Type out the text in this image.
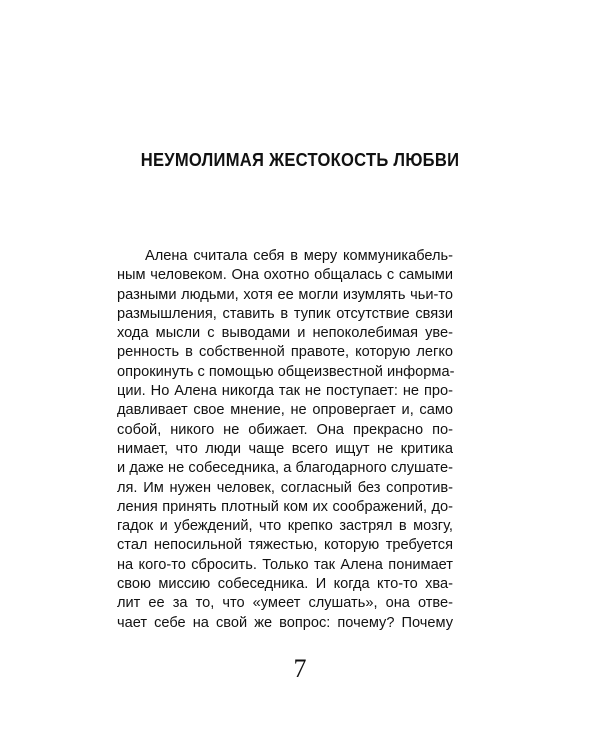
НЕУМОЛИМАЯ ЖЕСТОКОСТЬ ЛЮБВИ
Алена считала себя в меру коммуникабель-
ным человеком. Она охотно общалась с самыми
разными людьми, хотя ее могли изумлять чьи-то
размышления, ставить в тупик отсутствие связи
хода мысли с выводами и непоколебимая уве-
ренность в собственной правоте, которую легко
опрокинуть с помощью общеизвестной информа-
ции. Но Алена никогда так не поступает: не про-
давливает свое мнение, не опровергает и, само
собой, никого не обижает. Она прекрасно по-
нимает, что люди чаще всего ищут не критика
и даже не собеседника, а благодарного слушате-
ля. Им нужен человек, согласный без сопротив-
ления принять плотный ком их соображений, до-
гадок и убеждений, что крепко застрял в мозгу,
стал непосильной тяжестью, которую требуется
на кого-то сбросить. Только так Алена понимает
свою миссию собеседника. И когда кто-то хва-
лит ее за то, что «умеет слушать», она отве-
чает себе на свой же вопрос: почему? Почему
7
